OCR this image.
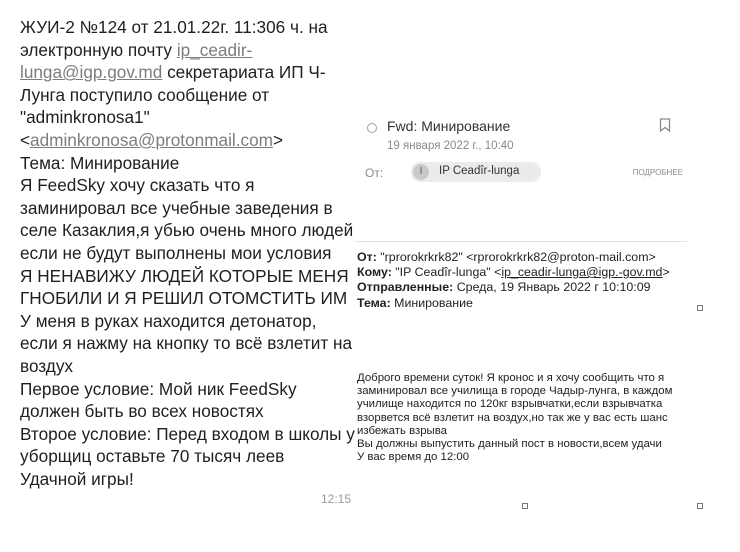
ЖУИ-2 №124 от 21.01.22г. 11:306 ч. на электронную почту ip_ceadir-lunga@igp.gov.md секретариата ИП Ч-Лунга поступило сообщение от "adminkronosa1" <adminkronosa@protonmail.com>
Тема: Минирование
Я FeedSky хочу сказать что я заминировал все учебные заведения в селе Казаклия,я убью очень много людей если не будут выполнены мои условия
Я НЕНАВИЖУ ЛЮДЕЙ КОТОРЫЕ МЕНЯ ГНОБИЛИ И Я РЕШИЛ ОТОМСТИТЬ ИМ
У меня в руках находится детонатор, если я нажму на кнопку то всё взлетит на воздух
Первое условие: Мой ник FeedSky должен быть во всех новостях
Второе условие: Перед входом в школы у уборщиц оставьте 70 тысяч леев
Удачной игры!
12:15
Fwd: Минирование
19 января 2022 г., 10:40
От:	I	IP Ceadîr-lunga	ПОДРОБНЕЕ
От: "rprorokrkrk82" <rprorokrkrk82@proton-mail.com>
Кому: "IP Ceadîr-lunga" <ip_ceadir-lunga@igp.-gov.md>
Отправленные: Среда, 19 Январь 2022 г 10:10:09
Тема: Минирование
Доброго времени суток! Я кронос и я хочу сообщить что я заминировал все училища в городе Чадыр-лунга, в каждом училище находится по 120кг взрывчатки,если взрывчатка взорвется всё взлетит на воздух,но так же у вас есть шанс избежать взрыва
Вы должны выпустить данный пост в новости,всем удачи
У вас время до 12:00
